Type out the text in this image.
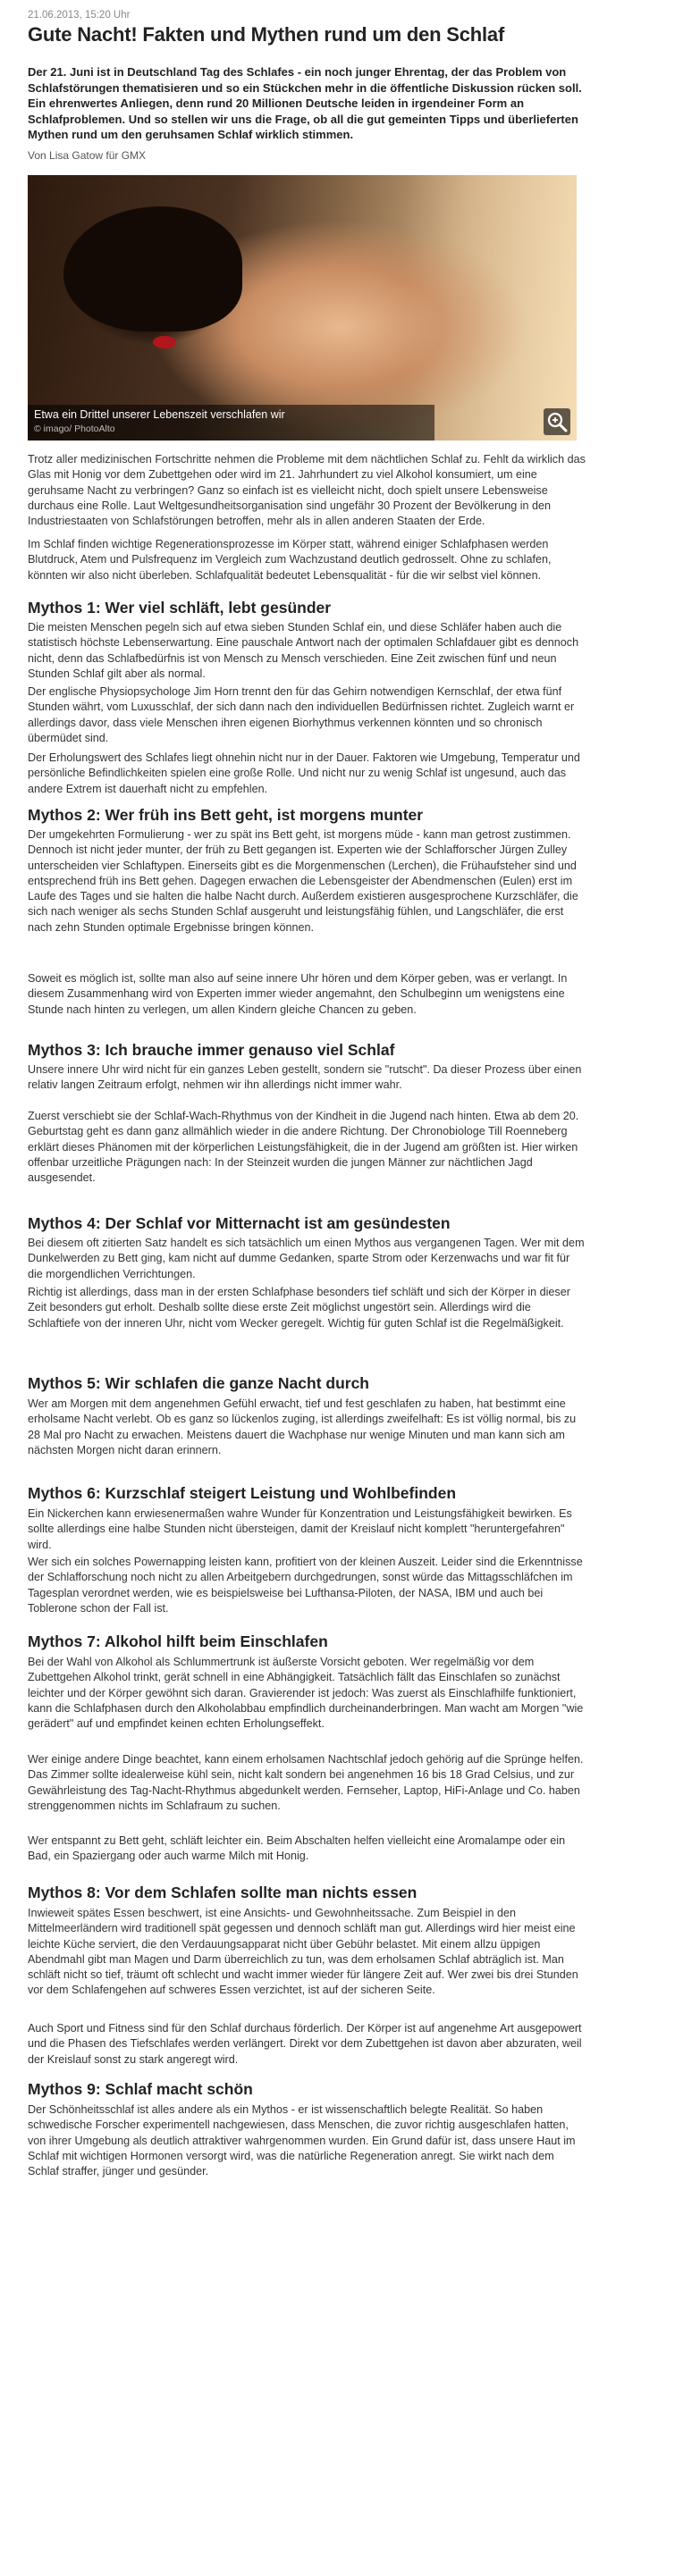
21.06.2013, 15:20 Uhr
Gute Nacht! Fakten und Mythen rund um den Schlaf

Der 21. Juni ist in Deutschland Tag des Schlafes - ein noch junger Ehrentag, der das Problem von Schlafstörungen thematisieren und so ein Stückchen mehr in die öffentliche Diskussion rücken soll. Ein ehrenwertes Anliegen, denn rund 20 Millionen Deutsche leiden in irgendeiner Form an Schlafproblemen. Und so stellen wir uns die Frage, ob all die gut gemeinten Tipps und überlieferten Mythen rund um den geruhsamen Schlaf wirklich stimmen.

Von Lisa Gatow für GMX
Etwa ein Drittel unserer Lebenszeit verschlafen wir
© imago/ PhotoAlto

Trotz aller medizinischen Fortschritte nehmen die Probleme mit dem nächtlichen Schlaf zu. Fehlt da wirklich das Glas mit Honig vor dem Zubettgehen oder wird im 21. Jahrhundert zu viel Alkohol konsumiert, um eine geruhsame Nacht zu verbringen? Ganz so einfach ist es vielleicht nicht, doch spielt unsere Lebensweise durchaus eine Rolle. Laut Weltgesundheitsorganisation sind ungefähr 30 Prozent der Bevölkerung in den Industriestaaten von Schlafstörungen betroffen, mehr als in allen anderen Staaten der Erde.

Im Schlaf finden wichtige Regenerationsprozesse im Körper statt, während einiger Schlafphasen werden Blutdruck, Atem und Pulsfrequenz im Vergleich zum Wachzustand deutlich gedrosselt. Ohne zu schlafen, könnten wir also nicht überleben. Schlafqualität bedeutet Lebensqualität - für die wir selbst viel können.

Mythos 1: Wer viel schläft, lebt gesünder

Die meisten Menschen pegeln sich auf etwa sieben Stunden Schlaf ein, und diese Schläfer haben auch die statistisch höchste Lebenserwartung. Eine pauschale Antwort nach der optimalen Schlafdauer gibt es dennoch nicht, denn das Schlafbedürfnis ist von Mensch zu Mensch verschieden. Eine Zeit zwischen fünf und neun Stunden Schlaf gilt aber als normal.

Der englische Physiopsychologe Jim Horn trennt den für das Gehirn notwendigen Kernschlaf, der etwa fünf Stunden währt, vom Luxusschlaf, der sich dann nach den individuellen Bedürfnissen richtet. Zugleich warnt er allerdings davor, dass viele Menschen ihren eigenen Biorhythmus verkennen könnten und so chronisch übermüdet sind.

Der Erholungswert des Schlafes liegt ohnehin nicht nur in der Dauer. Faktoren wie Umgebung, Temperatur und persönliche Befindlichkeiten spielen eine große Rolle. Und nicht nur zu wenig Schlaf ist ungesund, auch das andere Extrem ist dauerhaft nicht zu empfehlen.

Mythos 2: Wer früh ins Bett geht, ist morgens munter

Der umgekehrten Formulierung - wer zu spät ins Bett geht, ist morgens müde - kann man getrost zustimmen. Dennoch ist nicht jeder munter, der früh zu Bett gegangen ist. Experten wie der Schlafforscher Jürgen Zulley unterscheiden vier Schlaftypen. Einerseits gibt es die Morgenmenschen (Lerchen), die Frühaufsteher sind und entsprechend früh ins Bett gehen. Dagegen erwachen die Lebensgeister der Abendmenschen (Eulen) erst im Laufe des Tages und sie halten die halbe Nacht durch. Außerdem existieren ausgesprochene Kurzschläfer, die sich nach weniger als sechs Stunden Schlaf ausgeruht und leistungsfähig fühlen, und Langschläfer, die erst nach zehn Stunden optimale Ergebnisse bringen können.

Soweit es möglich ist, sollte man also auf seine innere Uhr hören und dem Körper geben, was er verlangt. In diesem Zusammenhang wird von Experten immer wieder angemahnt, den Schulbeginn um wenigstens eine Stunde nach hinten zu verlegen, um allen Kindern gleiche Chancen zu geben.

Mythos 3: Ich brauche immer genauso viel Schlaf

Unsere innere Uhr wird nicht für ein ganzes Leben gestellt, sondern sie "rutscht". Da dieser Prozess über einen relativ langen Zeitraum erfolgt, nehmen wir ihn allerdings nicht immer wahr.

Zuerst verschiebt sie der Schlaf-Wach-Rhythmus von der Kindheit in die Jugend nach hinten. Etwa ab dem 20. Geburtstag geht es dann ganz allmählich wieder in die andere Richtung. Der Chronobiologe Till Roenneberg erklärt dieses Phänomen mit der körperlichen Leistungsfähigkeit, die in der Jugend am größten ist. Hier wirken offenbar urzeitliche Prägungen nach: In der Steinzeit wurden die jungen Männer zur nächtlichen Jagd ausgesendet.

Mythos 4: Der Schlaf vor Mitternacht ist am gesündesten

Bei diesem oft zitierten Satz handelt es sich tatsächlich um einen Mythos aus vergangenen Tagen. Wer mit dem Dunkelwerden zu Bett ging, kam nicht auf dumme Gedanken, sparte Strom oder Kerzenwachs und war fit für die morgendlichen Verrichtungen.

Richtig ist allerdings, dass man in der ersten Schlafphase besonders tief schläft und sich der Körper in dieser Zeit besonders gut erholt. Deshalb sollte diese erste Zeit möglichst ungestört sein. Allerdings wird die Schlaftiefe von der inneren Uhr, nicht vom Wecker geregelt. Wichtig für guten Schlaf ist die Regelmäßigkeit.

Mythos 5: Wir schlafen die ganze Nacht durch

Wer am Morgen mit dem angenehmen Gefühl erwacht, tief und fest geschlafen zu haben, hat bestimmt eine erholsame Nacht verlebt. Ob es ganz so lückenlos zuging, ist allerdings zweifelhaft: Es ist völlig normal, bis zu 28 Mal pro Nacht zu erwachen. Meistens dauert die Wachphase nur wenige Minuten und man kann sich am nächsten Morgen nicht daran erinnern.

Mythos 6: Kurzschlaf steigert Leistung und Wohlbefinden

Ein Nickerchen kann erwiesenermaßen wahre Wunder für Konzentration und Leistungsfähigkeit bewirken. Es sollte allerdings eine halbe Stunden nicht übersteigen, damit der Kreislauf nicht komplett "heruntergefahren" wird.

Wer sich ein solches Powernapping leisten kann, profitiert von der kleinen Auszeit. Leider sind die Erkenntnisse der Schlafforschung noch nicht zu allen Arbeitgebern durchgedrungen, sonst würde das Mittagsschläfchen im Tagesplan verordnet werden, wie es beispielsweise bei Lufthansa-Piloten, der NASA, IBM und auch bei Toblerone schon der Fall ist.

Mythos 7: Alkohol hilft beim Einschlafen

Bei der Wahl von Alkohol als Schlummertrunk ist äußerste Vorsicht geboten. Wer regelmäßig vor dem Zubettgehen Alkohol trinkt, gerät schnell in eine Abhängigkeit. Tatsächlich fällt das Einschlafen so zunächst leichter und der Körper gewöhnt sich daran. Gravierender ist jedoch: Was zuerst als Einschlafhilfe funktioniert, kann die Schlafphasen durch den Alkoholabbau empfindlich durcheinanderbringen. Man wacht am Morgen "wie gerädert" auf und empfindet keinen echten Erholungseffekt.

Wer einige andere Dinge beachtet, kann einem erholsamen Nachtschlaf jedoch gehörig auf die Sprünge helfen. Das Zimmer sollte idealerweise kühl sein, nicht kalt sondern bei angenehmen 16 bis 18 Grad Celsius, und zur Gewährleistung des Tag-Nacht-Rhythmus abgedunkelt werden. Fernseher, Laptop, HiFi-Anlage und Co. haben strenggenommen nichts im Schlafraum zu suchen.

Wer entspannt zu Bett geht, schläft leichter ein. Beim Abschalten helfen vielleicht eine Aromalampe oder ein Bad, ein Spaziergang oder auch warme Milch mit Honig.

Mythos 8: Vor dem Schlafen sollte man nichts essen

Inwieweit spätes Essen beschwert, ist eine Ansichts- und Gewohnheitssache. Zum Beispiel in den Mittelmeerländern wird traditionell spät gegessen und dennoch schläft man gut. Allerdings wird hier meist eine leichte Küche serviert, die den Verdauungsapparat nicht über Gebühr belastet. Mit einem allzu üppigen Abendmahl gibt man Magen und Darm überreichlich zu tun, was dem erholsamen Schlaf abträglich ist. Man schläft nicht so tief, träumt oft schlecht und wacht immer wieder für längere Zeit auf. Wer zwei bis drei Stunden vor dem Schlafengehen auf schweres Essen verzichtet, ist auf der sicheren Seite.

Auch Sport und Fitness sind für den Schlaf durchaus förderlich. Der Körper ist auf angenehme Art ausgepowert und die Phasen des Tiefschlafes werden verlängert. Direkt vor dem Zubettgehen ist davon aber abzuraten, weil der Kreislauf sonst zu stark angeregt wird.

Mythos 9: Schlaf macht schön

Der Schönheitsschlaf ist alles andere als ein Mythos - er ist wissenschaftlich belegte Realität. So haben schwedische Forscher experimentell nachgewiesen, dass Menschen, die zuvor richtig ausgeschlafen hatten, von ihrer Umgebung als deutlich attraktiver wahrgenommen wurden. Ein Grund dafür ist, dass unsere Haut im Schlaf mit wichtigen Hormonen versorgt wird, was die natürliche Regeneration anregt. Sie wirkt nach dem Schlaf straffer, jünger und gesünder.
